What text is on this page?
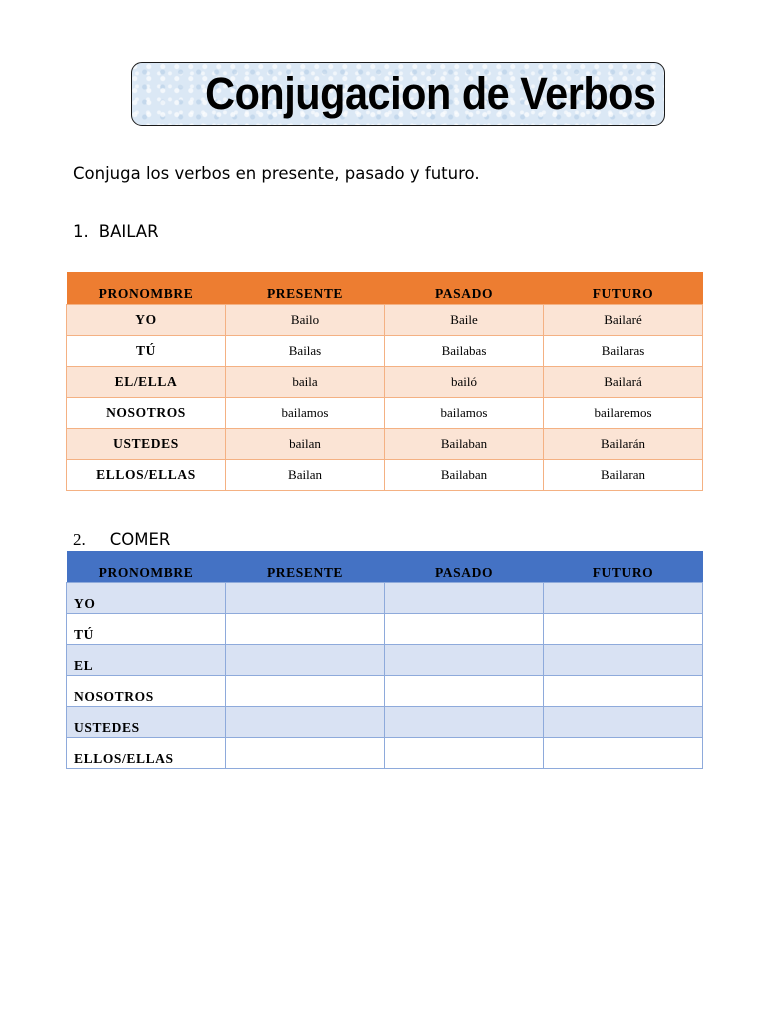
Conjugacion de Verbos
Conjuga los verbos en presente, pasado y futuro.
1. BAILAR
PRONOMBRE	PRESENTE	PASADO	FUTURO
YO	Bailo	Baile	Bailaré
TÚ	Bailas	Bailabas	Bailaras
EL/ELLA	baila	bailó	Bailará
NOSOTROS	bailamos	bailamos	bailaremos
USTEDES	bailan	Bailaban	Bailarán
ELLOS/ELLAS	Bailan	Bailaban	Bailaran
2. COMER
PRONOMBRE	PRESENTE	PASADO	FUTURO
YO			
TÚ			
EL			
NOSOTROS			
USTEDES			
ELLOS/ELLAS			
